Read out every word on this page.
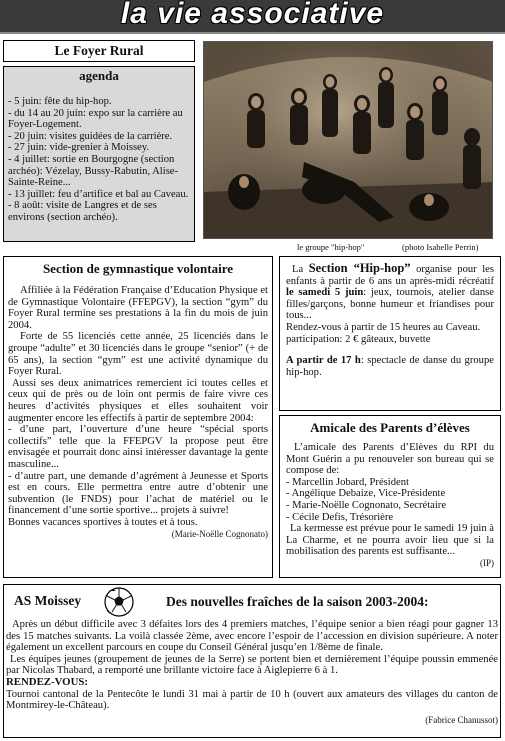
la vie associative
Le Foyer Rural
agenda
- 5 juin: fête du hip-hop.
- du 14 au 20 juin: expo sur la carrière au Foyer-Logement.
- 20 juin: visites guidées de la carrière.
- 27 juin: vide-grenier à Moissey.
- 4 juillet: sortie en Bourgogne (section archéo): Vézelay, Bussy-Rabutin, Alise-Sainte-Reine...
- 13 juillet: feu d’artifice et bal au Caveau.
- 8 août: visite de Langres et de ses environs (section archéo).
le groupe "hip-hop"	(photo Isabelle Perrin)
Section de gymnastique volontaire
Affiliée à la Fédération Française d’Education Physique et de Gymnastique Volontaire (FFEPGV), la section “gym” du Foyer Rural termine ses prestations à la fin du mois de juin 2004.
Forte de 55 licenciés cette année, 25 licenciés dans le groupe “adulte” et 30 licenciés dans le groupe “senior” (+ de 65 ans), la section “gym” est une activité dynamique du Foyer Rural.
Aussi ses deux animatrices remercient ici toutes celles et ceux qui de près ou de loin ont permis de faire vivre ces heures d’activités physiques et elles souhaitent voir augmenter encore les effectifs à partir de septembre 2004:
- d’une part, l’ouverture d’une heure “spécial sports collectifs” telle que la FFEPGV la propose peut être envisagée et pourrait donc ainsi intéresser davantage la gente masculine...
- d’autre part, une demande d’agrément à Jeunesse et Sports est en cours. Elle permettra entre autre d’obtenir une subvention (le FNDS) pour l’achat de matériel ou le financement d’une sortie sportive... projets à suivre!
Bonnes vacances sportives à toutes et à tous.
(Marie-Noëlle Cognonato)
La Section “Hip-hop” organise pour les enfants à partir de 6 ans un après-midi récréatif le samedi 5 juin: jeux, tournois, atelier danse filles/garçons, bonne humeur et friandises pour tous...
Rendez-vous à partir de 15 heures au Caveau. participation: 2 € gâteaux, buvette
A partir de 17 h: spectacle de danse du groupe hip-hop.
Amicale des Parents d’élèves
L’amicale des Parents d’Elèves du RPI du Mont Guérin a pu renouveler son bureau qui se compose de:
- Marcellin Jobard, Président
- Angélique Debaize, Vice-Présidente
- Marie-Noëlle Cognonato, Secrétaire
- Cécile Defis, Trésorière
La kermesse est prévue pour le samedi 19 juin à La Charme, et ne pourra avoir lieu que si la mobilisation des parents est suffisante...
(IP)
AS Moissey	Des nouvelles fraîches de la saison 2003-2004:
Après un début difficile avec 3 défaites lors des 4 premiers matches, l’équipe senior a bien réagi pour gagner 13 des 15 matches suivants. La voilà classée 2ème, avec encore l’espoir de l’accession en division supérieure. A noter également un excellent parcours en coupe du Conseil Général jusqu’en 1/8ème de finale.
Les équipes jeunes (groupement de jeunes de la Serre) se portent bien et dernièrement l’équipe poussin emmenée par Nicolas Thabard, a remporté une brillante victoire face à Aiglepierre 6 à 1.
RENDEZ-VOUS:
Tournoi cantonal de la Pentecôte le lundi 31 mai à partir de 10 h (ouvert aux amateurs des villages du canton de Montmirey-le-Château).
(Fabrice Chanussot)
